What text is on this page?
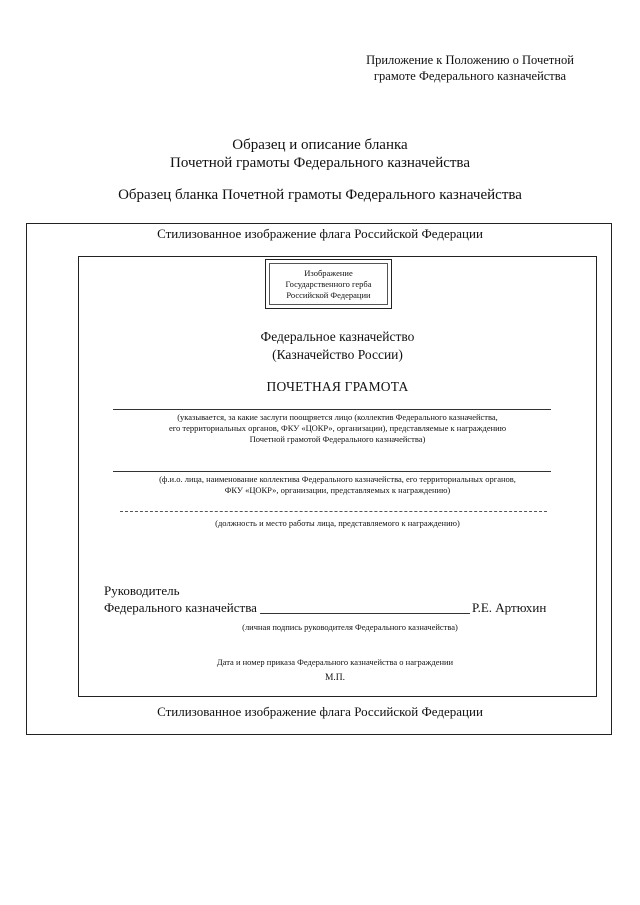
Приложение к Положению о Почетной
грамоте Федерального казначейства
Образец и описание бланка
Почетной грамоты Федерального казначейства
Образец бланка Почетной грамоты Федерального казначейства
Стилизованное изображение флага Российской Федерации
Изображение
Государственного герба
Российской Федерации
Федеральное казначейство
(Казначейство России)
ПОЧЕТНАЯ ГРАМОТА
(указывается, за какие заслуги поощряется лицо (коллектив Федерального казначейства,
его территориальных органов, ФКУ «ЦОКР», организации), представляемые к награждению
Почетной грамотой Федерального казначейства)
(ф.и.о. лица, наименование коллектива Федерального казначейства, его территориальных органов,
ФКУ «ЦОКР», организации, представляемых к награждению)
(должность и место работы лица, представляемого к награждению)
Руководитель
Федерального казначейства	Р.Е. Артюхин
(личная подпись руководителя Федерального казначейства)
Дата и номер приказа Федерального казначейства о награждении
М.П.
Стилизованное изображение флага Российской Федерации
